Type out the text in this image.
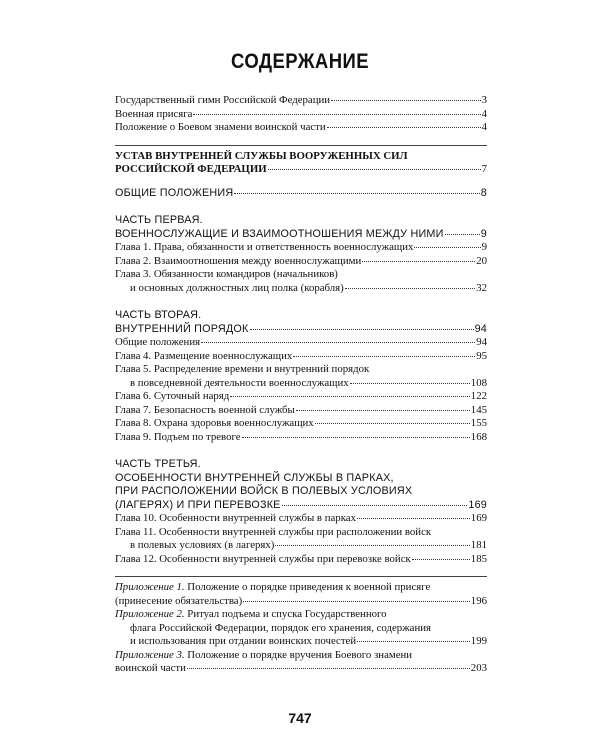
СОДЕРЖАНИЕ
Государственный гимн Российской Федерации	3
Военная присяга	4
Положение о Боевом знамени воинской части	4
УСТАВ ВНУТРЕННЕЙ СЛУЖБЫ ВООРУЖЕННЫХ СИЛ
РОССИЙСКОЙ ФЕДЕРАЦИИ	7
ОБЩИЕ ПОЛОЖЕНИЯ	8
ЧАСТЬ ПЕРВАЯ.
ВОЕННОСЛУЖАЩИЕ И ВЗАИМООТНОШЕНИЯ МЕЖДУ НИМИ	9
Глава 1. Права, обязанности и ответственность военнослужащих	9
Глава 2. Взаимоотношения между военнослужащими	20
Глава 3. Обязанности командиров (начальников)
и основных должностных лиц полка (корабля)	32
ЧАСТЬ ВТОРАЯ.
ВНУТРЕННИЙ ПОРЯДОК	94
Общие положения	94
Глава 4. Размещение военнослужащих	95
Глава 5. Распределение времени и внутренний порядок
в повседневной деятельности военнослужащих	108
Глава 6. Суточный наряд	122
Глава 7. Безопасность военной службы	145
Глава 8. Охрана здоровья военнослужащих	155
Глава 9. Подъем по тревоге	168
ЧАСТЬ ТРЕТЬЯ.
ОСОБЕННОСТИ ВНУТРЕННЕЙ СЛУЖБЫ В ПАРКАХ,
ПРИ РАСПОЛОЖЕНИИ ВОЙСК В ПОЛЕВЫХ УСЛОВИЯХ
(ЛАГЕРЯХ) И ПРИ ПЕРЕВОЗКЕ	169
Глава 10. Особенности внутренней службы в парках	169
Глава 11. Особенности внутренней службы при расположении войск
в полевых условиях (в лагерях)	181
Глава 12. Особенности внутренней службы при перевозке войск	185
Приложение 1. Положение о порядке приведения к военной присяге
(принесение обязательства)	196
Приложение 2. Ритуал подъема и спуска Государственного
флага Российской Федерации, порядок его хранения, содержания
и использования при отдании воинских почестей	199
Приложение 3. Положение о порядке вручения Боевого знамени
воинской части	203
747
